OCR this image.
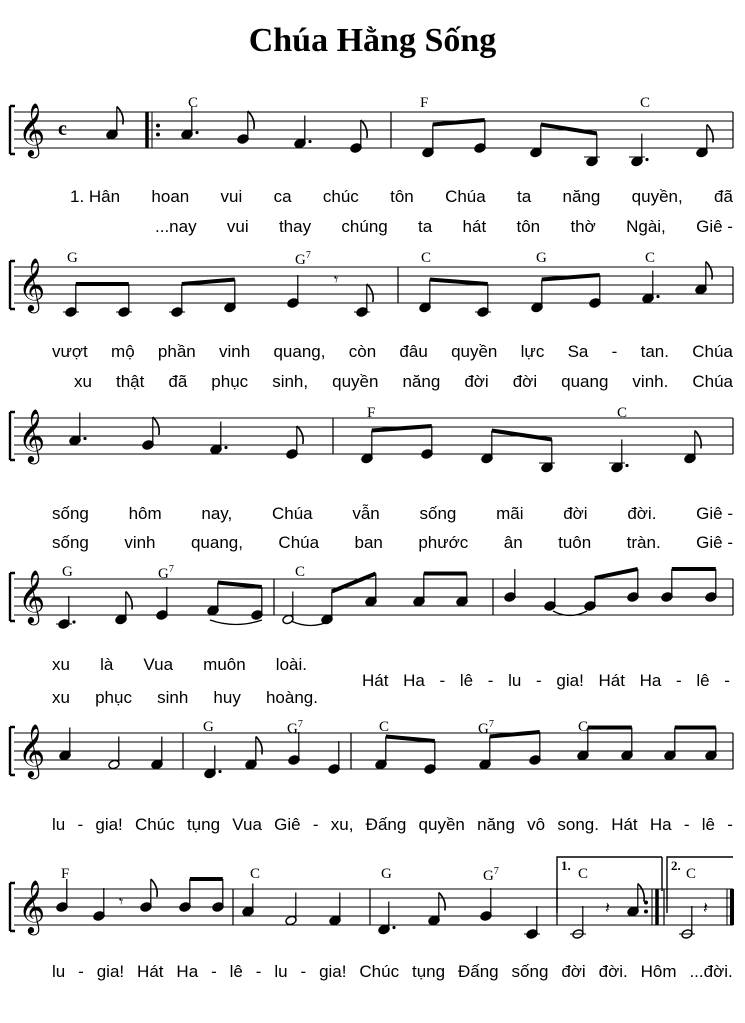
Chúa Hằng Sống
𝄞
𝄞
𝄞
𝄞
𝄞
𝄞
c
𝄾
𝄾	𝄽	𝄽
1.	2.
C	F	C
G	$G^7$	C	G	C
F	C
G	$G^7$	C
G	$G^7$	C	$G^7$	C
F	C	G	$G^7$	C	C
1. Hân hoan vui ca chúc tôn Chúa ta năng quyền, đã
...nay vui thay chúng ta hát tôn thờ Ngài, Giê -
vượt mộ phần vinh quang, còn đâu quyền lực Sa - tan. Chúa
xu thật đã phục sinh, quyền năng đời đời quang vinh. Chúa
sống hôm nay, Chúa vẫn sống mãi đời đời. Giê -
sống vinh quang, Chúa ban phước ân tuôn tràn. Giê -
xu là Vua muôn loài.
xu phục sinh huy hoàng.
lu - gia! Chúc tụng Vua Giê - xu, Đấng quyền năng vô song. Hát Ha - lê -
lu - gia! Hát Ha - lê - lu - gia! Chúc tụng Đấng sống đời đời. Hôm ...đời.
Hát Ha - lê - lu - gia! Hát Ha - lê -
